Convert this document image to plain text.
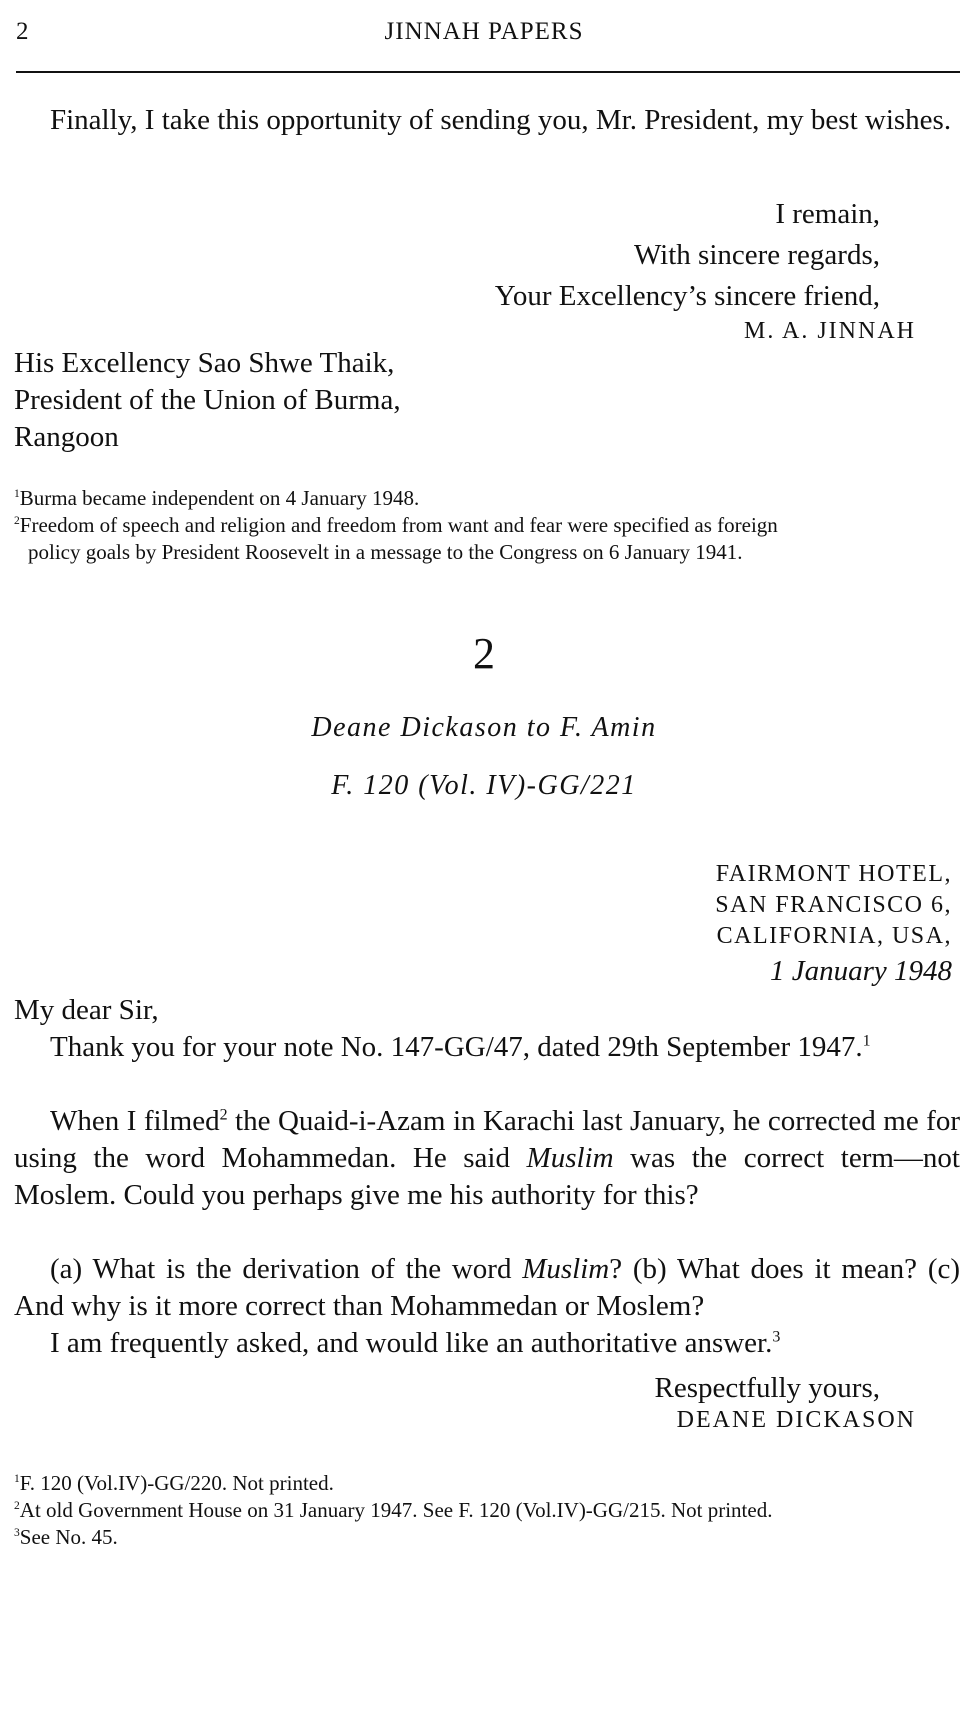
2	JINNAH PAPERS

Finally, I take this opportunity of sending you, Mr. President, my best wishes.

I remain,
With sincere regards,
Your Excellency’s sincere friend,
M. A. JINNAH
His Excellency Sao Shwe Thaik,
President of the Union of Burma,
Rangoon
$^1$Burma became independent on 4 January 1948.
$^2$Freedom of speech and religion and freedom from want and fear were specified as foreign
policy goals by President Roosevelt in a message to the Congress on 6 January 1941.
2
Deane Dickason to F. Amin
F. 120 (Vol. IV)-GG/221
FAIRMONT HOTEL,
SAN FRANCISCO 6,
CALIFORNIA, USA,
1 January 1948
My dear Sir,

Thank you for your note No. 147-GG/47, dated 29th September 1947.$^1$

When I filmed$^2$ the Quaid-i-Azam in Karachi last January, he corrected me for using the word Mohammedan. He said Muslim was the correct term—not Moslem. Could you perhaps give me his authority for this?

(a) What is the derivation of the word Muslim? (b) What does it mean? (c) And why is it more correct than Mohammedan or Moslem?

I am frequently asked, and would like an authoritative answer.$^3$

Respectfully yours,
DEANE DICKASON
$^1$F. 120 (Vol.IV)-GG/220. Not printed.
$^2$At old Government House on 31 January 1947. See F. 120 (Vol.IV)-GG/215. Not printed.
$^3$See No. 45.
